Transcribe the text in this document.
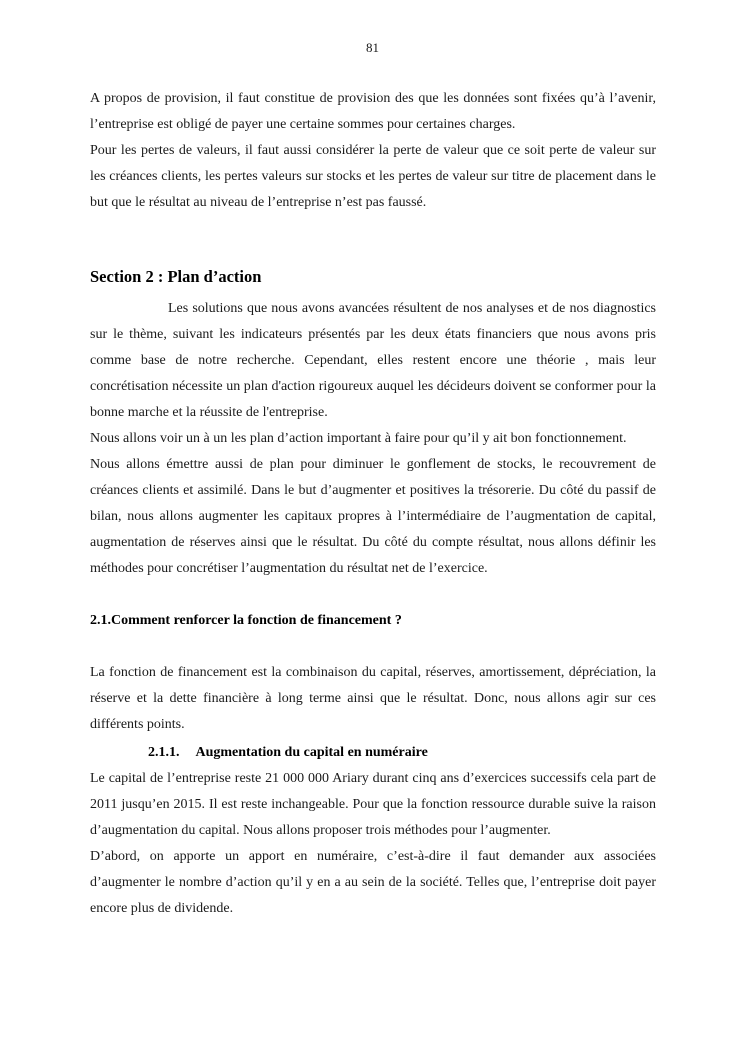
81

A propos de provision, il faut constitue de provision des que les données sont fixées qu’à l’avenir, l’entreprise est obligé de payer une certaine sommes pour certaines charges.

Pour les pertes de valeurs, il faut aussi considérer la perte de valeur que ce soit perte de valeur sur les créances clients, les pertes valeurs sur stocks et les pertes de valeur sur titre de placement dans le but que le résultat au niveau de l’entreprise n’est pas faussé.

Section 2 : Plan d’action

Les solutions que nous avons avancées résultent de nos analyses et de nos diagnostics sur le thème, suivant les indicateurs présentés par les deux états financiers que nous avons pris comme base de notre recherche. Cependant, elles restent encore une théorie , mais leur concrétisation nécessite un plan d'action rigoureux auquel les décideurs doivent se conformer pour la bonne marche et la réussite de l'entreprise.

Nous allons voir un à un les plan d’action important à faire pour qu’il y ait bon fonctionnement.

Nous allons émettre aussi de plan pour diminuer le gonflement de stocks, le recouvrement de créances clients et assimilé. Dans le but d’augmenter et positives la trésorerie. Du côté du passif de bilan, nous allons augmenter les capitaux propres à l’intermédiaire de l’augmentation de capital, augmentation de réserves ainsi que le résultat. Du côté du compte résultat, nous allons définir les méthodes pour concrétiser l’augmentation du résultat net de l’exercice.

2.1.Comment renforcer la fonction de financement ?

La fonction de financement est la combinaison du capital, réserves, amortissement, dépréciation, la réserve et la dette financière à long terme ainsi que le résultat. Donc, nous allons agir sur ces différents points.

2.1.1. Augmentation du capital en numéraire

Le capital de l’entreprise reste 21 000 000 Ariary durant cinq ans d’exercices successifs cela part de 2011 jusqu’en 2015. Il est reste inchangeable. Pour que la fonction ressource durable suive la raison d’augmentation du capital. Nous allons proposer trois méthodes pour l’augmenter.

D’abord, on apporte un apport en numéraire, c’est-à-dire il faut demander aux associées d’augmenter le nombre d’action qu’il y en a au sein de la société. Telles que, l’entreprise doit payer encore plus de dividende.
